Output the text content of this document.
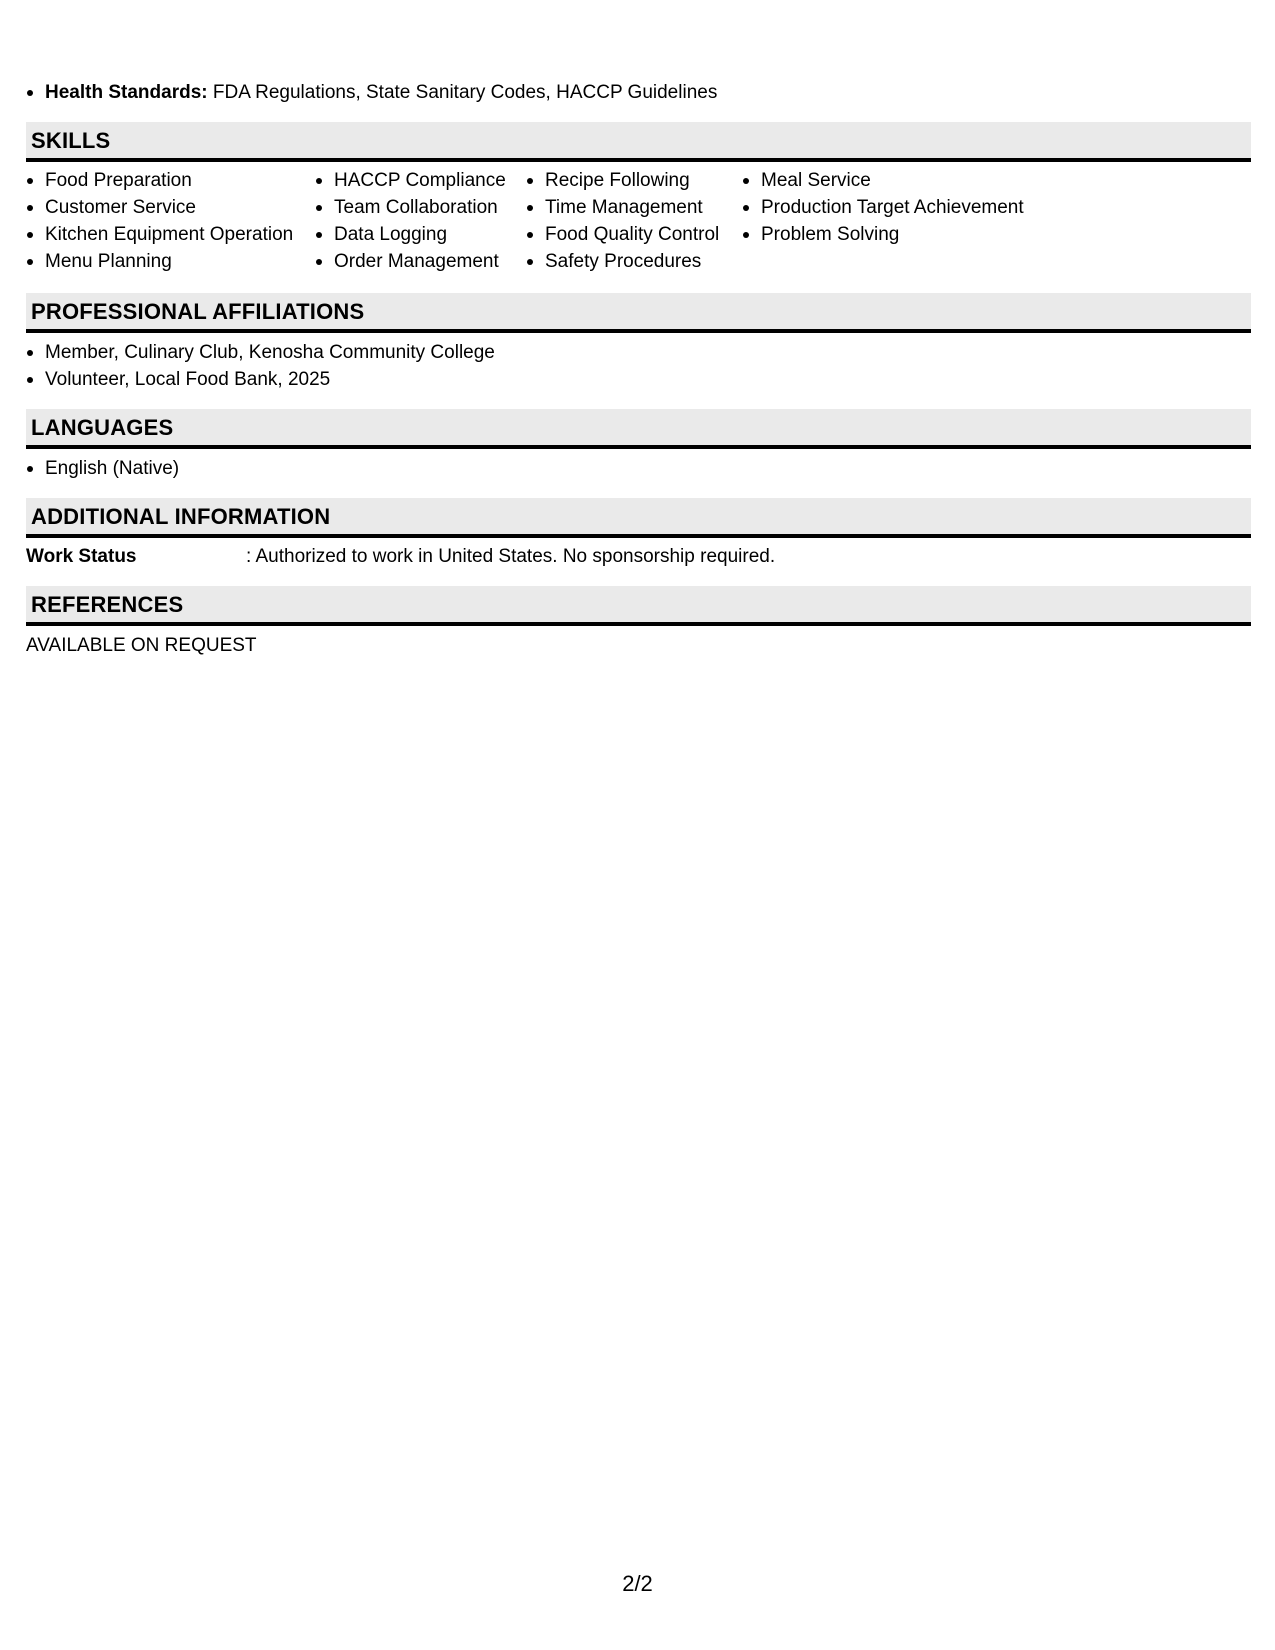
Health Standards: FDA Regulations, State Sanitary Codes, HACCP Guidelines
SKILLS
Food Preparation
Customer Service
Kitchen Equipment Operation
Menu Planning
HACCP Compliance
Team Collaboration
Data Logging
Order Management
Recipe Following
Time Management
Food Quality Control
Safety Procedures
Meal Service
Production Target Achievement
Problem Solving
PROFESSIONAL AFFILIATIONS
Member, Culinary Club, Kenosha Community College
Volunteer, Local Food Bank, 2025
LANGUAGES
English (Native)
ADDITIONAL INFORMATION
Work Status	: Authorized to work in United States. No sponsorship required.
REFERENCES
AVAILABLE ON REQUEST
2/2
